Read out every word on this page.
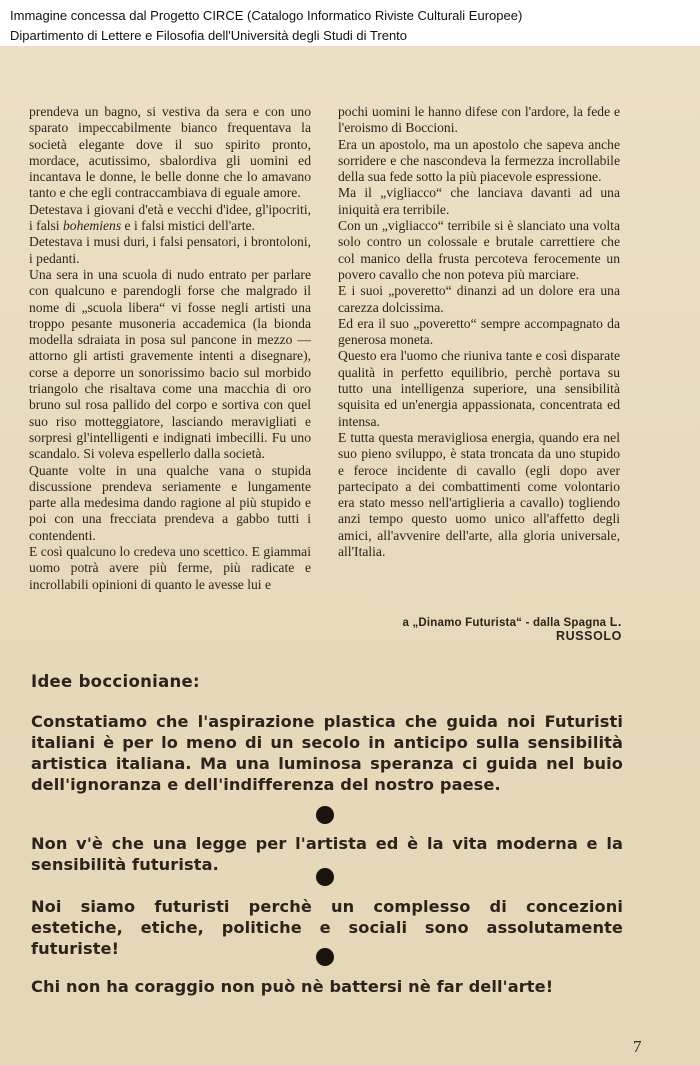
Immagine concessa dal Progetto CIRCE (Catalogo Informatico Riviste Culturali Europee)
Dipartimento di Lettere e Filosofia dell'Università degli Studi di Trento

prendeva un bagno, si vestiva da sera e con uno sparato impeccabilmente bianco frequentava la società elegante dove il suo spirito pronto, mordace, acutissimo, sbalordiva gli uomini ed incantava le donne, le belle donne che lo amavano tanto e che egli contraccambiava di eguale amore.

Detestava i giovani d'età e vecchi d'idee, gl'ipocriti, i falsi bohemiens e i falsi mistici dell'arte.

Detestava i musi duri, i falsi pensatori, i brontoloni, i pedanti.

Una sera in una scuola di nudo entrato per parlare con qualcuno e parendogli forse che malgrado il nome di „scuola libera“ vi fosse negli artisti una troppo pesante musoneria accademica (la bionda modella sdraiata in posa sul pancone in mezzo — attorno gli artisti gravemente intenti a disegnare), corse a deporre un sonorissimo bacio sul morbido triangolo che risaltava come una macchia di oro bruno sul rosa pallido del corpo e sortiva con quel suo riso motteggiatore, lasciando meravigliati e sorpresi gl'intelligenti e indignati imbecilli. Fu uno scandalo. Si voleva espellerlo dalla società.

Quante volte in una qualche vana o stupida discussione prendeva seriamente e lungamente parte alla medesima dando ragione al più stupido e poi con una frecciata prendeva a gabbo tutti i contendenti.

E così qualcuno lo credeva uno scettico. E giammai uomo potrà avere più ferme, più radicate e incrollabili opinioni di quanto le avesse lui e

pochi uomini le hanno difese con l'ardore, la fede e l'eroismo di Boccioni.

Era un apostolo, ma un apostolo che sapeva anche sorridere e che nascondeva la fermezza incrollabile della sua fede sotto la più piacevole espressione.

Ma il „vigliacco“ che lanciava davanti ad una iniquità era terribile.

Con un „vigliacco“ terribile si è slanciato una volta solo contro un colossale e brutale carrettiere che col manico della frusta percoteva ferocemente un povero cavallo che non poteva più marciare.

E i suoi „poveretto“ dinanzi ad un dolore era una carezza dolcissima.

Ed era il suo „poveretto“ sempre accompagnato da generosa moneta.

Questo era l'uomo che riuniva tante e così disparate qualità in perfetto equilibrio, perchè portava su tutto una intelligenza superiore, una sensibilità squisita ed un'energia appassionata, concentrata ed intensa.

E tutta questa meravigliosa energia, quando era nel suo pieno sviluppo, è stata troncata da uno stupido e feroce incidente di cavallo (egli dopo aver partecipato a dei combattimenti come volontario era stato messo nell'artiglieria a cavallo) togliendo anzi tempo questo uomo unico all'affetto degli amici, all'avvenire dell'arte, alla gloria universale, all'Italia.

a „Dinamo Futurista“ - dalla Spagna L. RUSSOLO
Idee boccioniane:
Constatiamo che l'aspirazione plastica che guida noi Futuristi italiani è per lo meno di un secolo in anticipo sulla sensibilità artistica italiana. Ma una luminosa speranza ci guida nel buio dell'ignoranza e dell'indifferenza del nostro paese.
Non v'è che una legge per l'artista ed è la vita moderna e la sensibilità futurista.
Noi siamo futuristi perchè un complesso di concezioni estetiche, etiche, politiche e sociali sono assolutamente futuriste!
Chi non ha coraggio non può nè battersi nè far dell'arte!
7
